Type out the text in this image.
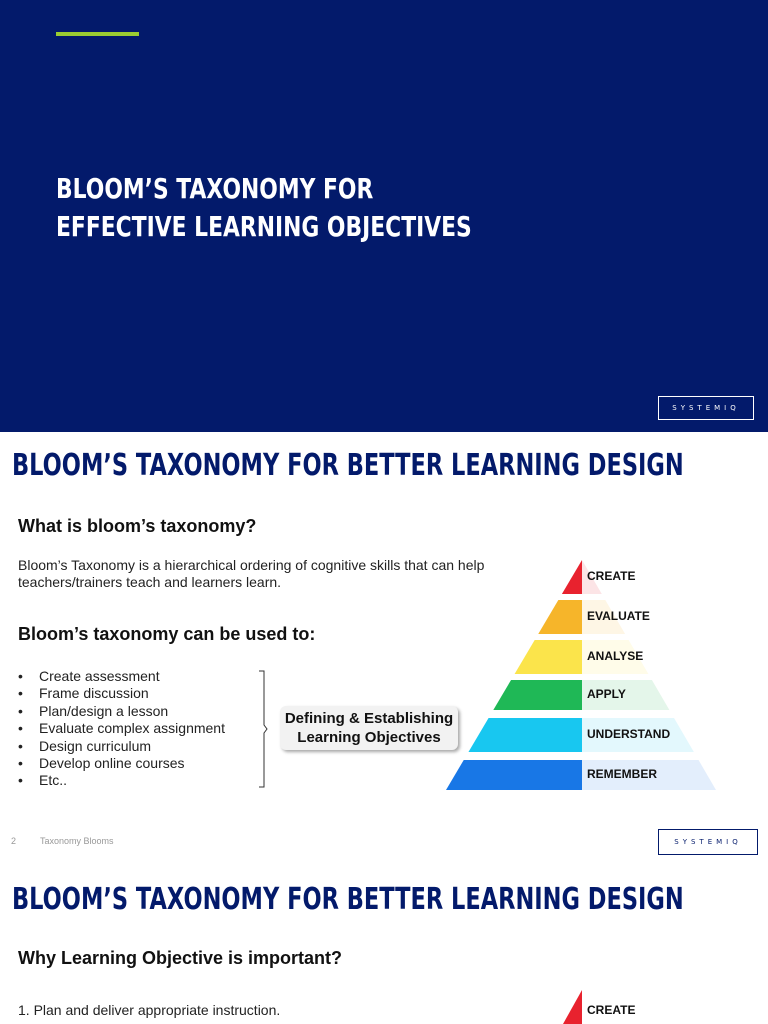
BLOOM’S TAXONOMY FOR
EFFECTIVE LEARNING OBJECTIVES
SYSTEMIQ
BLOOM’S TAXONOMY FOR BETTER LEARNING DESIGN
What is bloom’s taxonomy?
Bloom’s Taxonomy is a hierarchical ordering of cognitive skills that can help teachers/trainers teach and learners learn.
Bloom’s taxonomy can be used to:
• Create assessment
• Frame discussion
• Plan/design a lesson
• Evaluate complex assignment
• Design curriculum
• Develop online courses
• Etc..
Defining & Establishing
Learning Objectives
CREATE
EVALUATE
ANALYSE
APPLY
UNDERSTAND
REMEMBER
2	Taxonomy Blooms	SYSTEMIQ
BLOOM’S TAXONOMY FOR BETTER LEARNING DESIGN
Why Learning Objective is important?
1. Plan and deliver appropriate instruction.	CREATE
